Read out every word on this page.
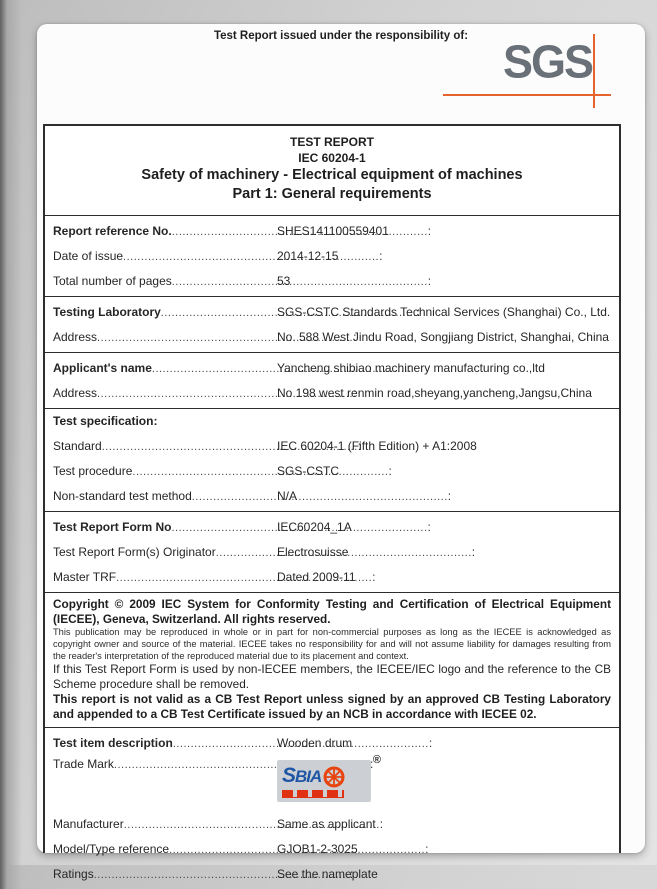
Test Report issued under the responsibility of: SGS
TEST REPORT
IEC 60204-1
Safety of machinery - Electrical equipment of machines
Part 1: General requirements
Report reference No.
.....
:	SHES141100559401
Date of issue
.....
:	2014-12-15
Total number of pages
.....
:	53
Testing Laboratory
.....
:	SGS-CSTC Standards Technical Services (Shanghai) Co., Ltd.
Address
.....
:	No. 588 West Jindu Road, Songjiang District, Shanghai, China
Applicant's name
.....
:	Yancheng shibiao machinery manufacturing co.,ltd
Address
.....
:	No 198 west renmin road,sheyang,yancheng,Jangsu,China
Test specification:
Standard
.....
:	IEC 60204-1 (Fifth Edition) + A1:2008
Test procedure
.....
:	SGS-CSTC
Non-standard test method
.....
:	N/A
Test Report Form No
.....
:	IEC60204_1A
Test Report Form(s) Originator
.....
:	Electrosuisse
Master TRF
.....
:	Dated 2009-11

Copyright © 2009 IEC System for Conformity Testing and Certification of Electrical Equipment (IECEE), Geneva, Switzerland. All rights reserved.

This publication may be reproduced in whole or in part for non-commercial purposes as long as the IECEE is acknowledged as copyright owner and source of the material. IECEE takes no responsibility for and will not assume liability for damages resulting from the reader's interpretation of the reproduced material due to its placement and context.

If this Test Report Form is used by non-IECEE members, the IECEE/IEC logo and the reference to the CB Scheme procedure shall be removed.

This report is not valid as a CB Test Report unless signed by an approved CB Testing Laboratory and appended to a CB Test Certificate issued by an NCB in accordance with IECEE 02.

Test item description
.....
:	Wooden drum
Trade Mark
.....
:	®
SBIA
Manufacturer
.....
:	Same as applicant
Model/Type reference
.....
:	GJOB1-2-3025
Ratings
.....
:	See the nameplate
